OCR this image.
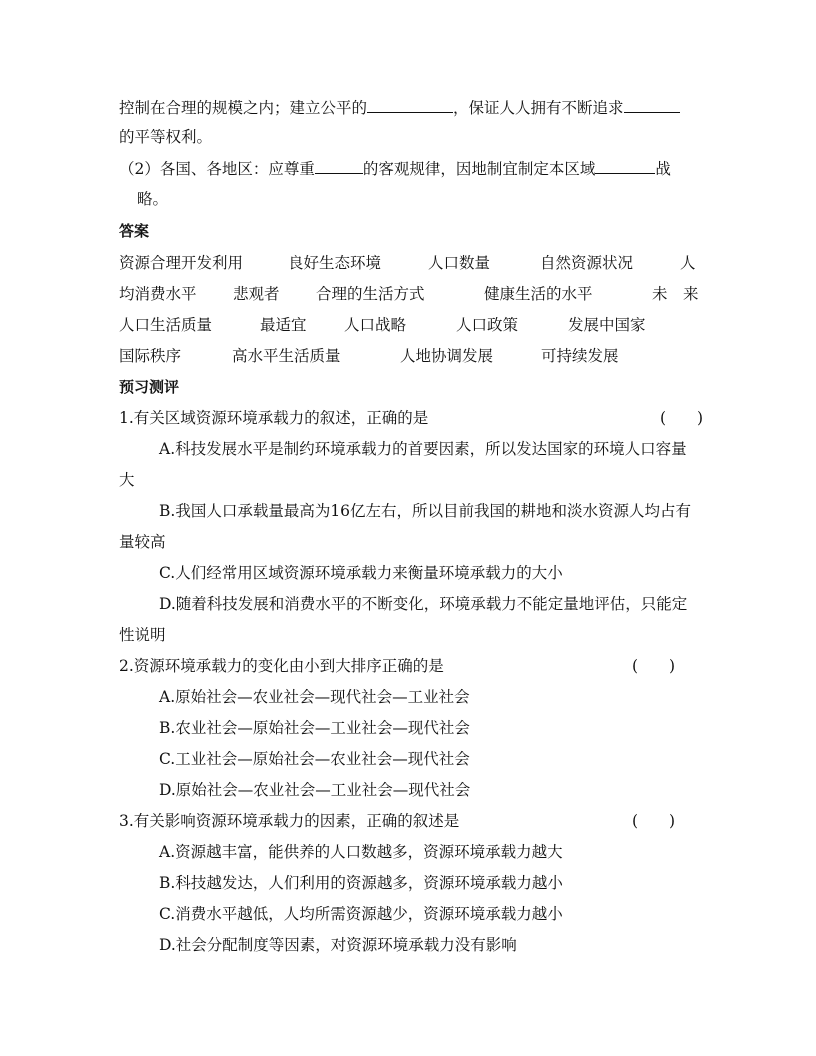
控制在合理的规模之内；建立公平的	，保证人人拥有不断追求
的平等权利。
（2）各国、各地区：应尊重	的客观规律，因地制宜制定本区域	战
略。
答案
资源合理开发利用	良好生态环境	人口数量	自然资源状况	人
均消费水平 悲观者 合理的生活方式	健康生活的水平	未　来
人口生活质量	最适宜 人口战略	人口政策	发展中国家
国际秩序	高水平生活质量	人地协调发展	可持续发展
预习测评
1.有关区域资源环境承载力的叙述，正确的是	(　　)
A.科技发展水平是制约环境承载力的首要因素，所以发达国家的环境人口容量
大
B.我国人口承载量最高为16亿左右，所以目前我国的耕地和淡水资源人均占有
量较高
C.人们经常用区域资源环境承载力来衡量环境承载力的大小
D.随着科技发展和消费水平的不断变化，环境承载力不能定量地评估，只能定
性说明
2.资源环境承载力的变化由小到大排序正确的是	(　　)
A.原始社会—农业社会—现代社会—工业社会
B.农业社会—原始社会—工业社会—现代社会
C.工业社会—原始社会—农业社会—现代社会
D.原始社会—农业社会—工业社会—现代社会
3.有关影响资源环境承载力的因素，正确的叙述是	(　　)
A.资源越丰富，能供养的人口数越多，资源环境承载力越大
B.科技越发达，人们利用的资源越多，资源环境承载力越小
C.消费水平越低，人均所需资源越少，资源环境承载力越小
D.社会分配制度等因素，对资源环境承载力没有影响
